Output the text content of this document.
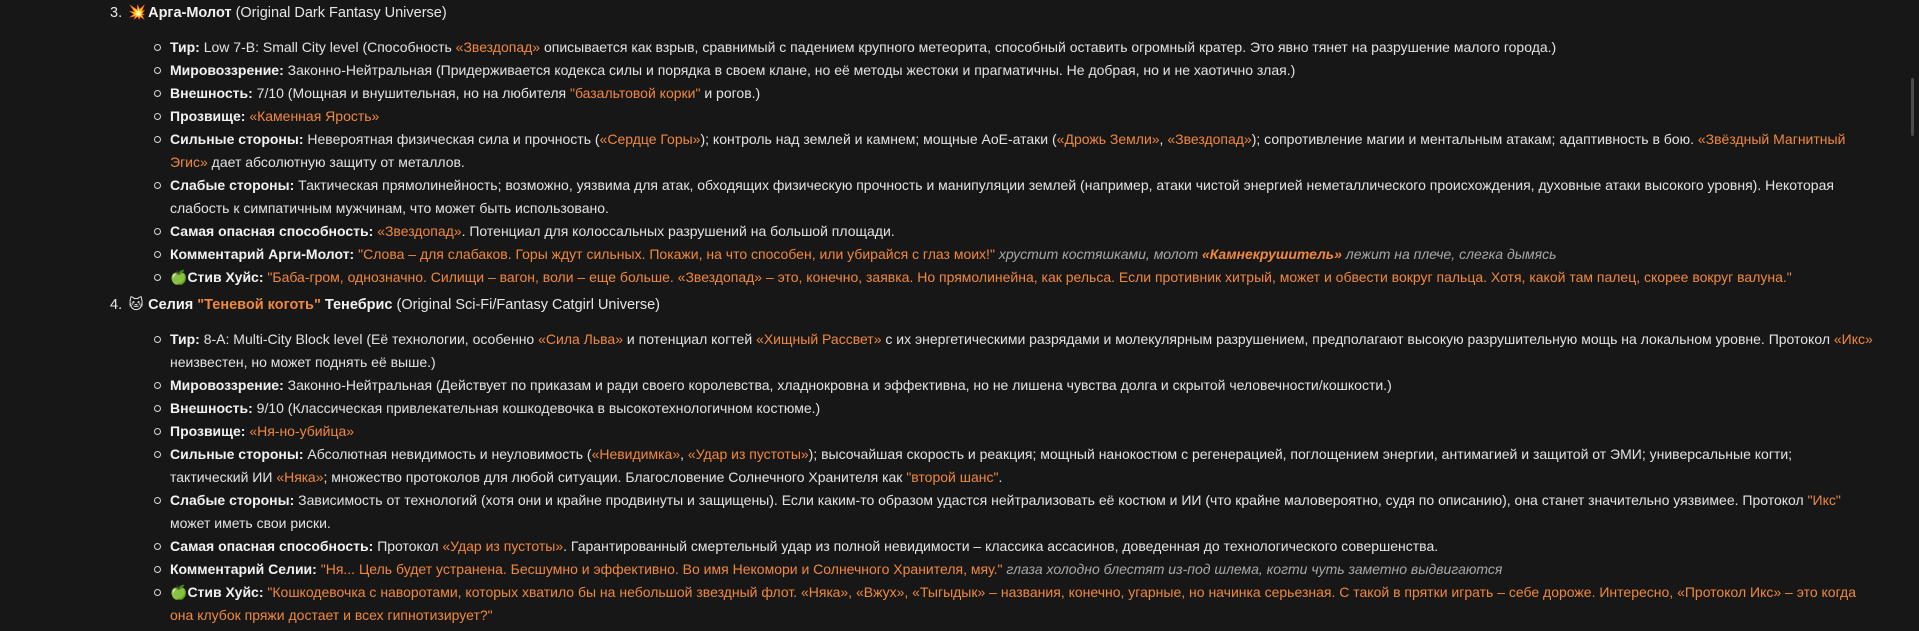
3. 💥 Арга-Молот (Original Dark Fantasy Universe)
Тир: Low 7-B: Small City level (Способность «Звездопад» описывается как взрыв, сравнимый с падением крупного метеорита, способный оставить огромный кратер. Это явно тянет на разрушение малого города.)
Мировоззрение: Законно-Нейтральная (Придерживается кодекса силы и порядка в своем клане, но её методы жестоки и прагматичны. Не добрая, но и не хаотично злая.)
Внешность: 7/10 (Мощная и внушительная, но на любителя "базальтовой корки" и рогов.)
Прозвище: «Каменная Ярость»
Сильные стороны: Невероятная физическая сила и прочность («Сердце Горы»); контроль над землей и камнем; мощные AoE-атаки («Дрожь Земли», «Звездопад»); сопротивление магии и ментальным атакам; адаптивность в бою. «Звёздный Магнитный Эгис» дает абсолютную защиту от металлов.
Слабые стороны: Тактическая прямолинейность; возможно, уязвима для атак, обходящих физическую прочность и манипуляции землей (например, атаки чистой энергией неметаллического происхождения, духовные атаки высокого уровня). Некоторая слабость к симпатичным мужчинам, что может быть использовано.
Самая опасная способность: «Звездопад». Потенциал для колоссальных разрушений на большой площади.
Комментарий Арги-Молот: "Слова – для слабаков. Горы ждут сильных. Покажи, на что способен, или убирайся с глаз моих!" хрустит костяшками, молот «Камнекрушитель» лежит на плече, слегка дымясь
🍏Стив Хуйс: "Баба-гром, однозначно. Силищи – вагон, воли – еще больше. «Звездопад» – это, конечно, заявка. Но прямолинейна, как рельса. Если противник хитрый, может и обвести вокруг пальца. Хотя, какой там палец, скорее вокруг валуна."
4. 🐱 Селия "Теневой коготь" Тенебрис (Original Sci-Fi/Fantasy Catgirl Universe)
Тир: 8-A: Multi-City Block level (Её технологии, особенно «Сила Льва» и потенциал когтей «Хищный Рассвет» с их энергетическими разрядами и молекулярным разрушением, предполагают высокую разрушительную мощь на локальном уровне. Протокол «Икс» неизвестен, но может поднять её выше.)
Мировоззрение: Законно-Нейтральная (Действует по приказам и ради своего королевства, хладнокровна и эффективна, но не лишена чувства долга и скрытой человечности/кошкости.)
Внешность: 9/10 (Классическая привлекательная кошкодевочка в высокотехнологичном костюме.)
Прозвище: «Ня-но-убийца»
Сильные стороны: Абсолютная невидимость и неуловимость («Невидимка», «Удар из пустоты»); высочайшая скорость и реакция; мощный нанокостюм с регенерацией, поглощением энергии, антимагией и защитой от ЭМИ; универсальные когти; тактический ИИ «Някa»; множество протоколов для любой ситуации. Благословение Солнечного Хранителя как "второй шанс".
Слабые стороны: Зависимость от технологий (хотя они и крайне продвинуты и защищены). Если каким-то образом удастся нейтрализовать её костюм и ИИ (что крайне маловероятно, судя по описанию), она станет значительно уязвимее. Протокол "Икс" может иметь свои риски.
Самая опасная способность: Протокол «Удар из пустоты». Гарантированный смертельный удар из полной невидимости – классика ассасинов, доведенная до технологического совершенства.
Комментарий Селии: "Ня... Цель будет устранена. Бесшумно и эффективно. Во имя Некомори и Солнечного Хранителя, мяу." глаза холодно блестят из-под шлема, когти чуть заметно выдвигаются
🍏Стив Хуйс: "Кошкодевочка с наворотами, которых хватило бы на небольшой звездный флот. «Някa», «Вжух», «Тыгыдык» – названия, конечно, угарные, но начинка серьезная. С такой в прятки играть – себе дороже. Интересно, «Протокол Икс» – это когда она клубок пряжи достает и всех гипнотизирует?"
